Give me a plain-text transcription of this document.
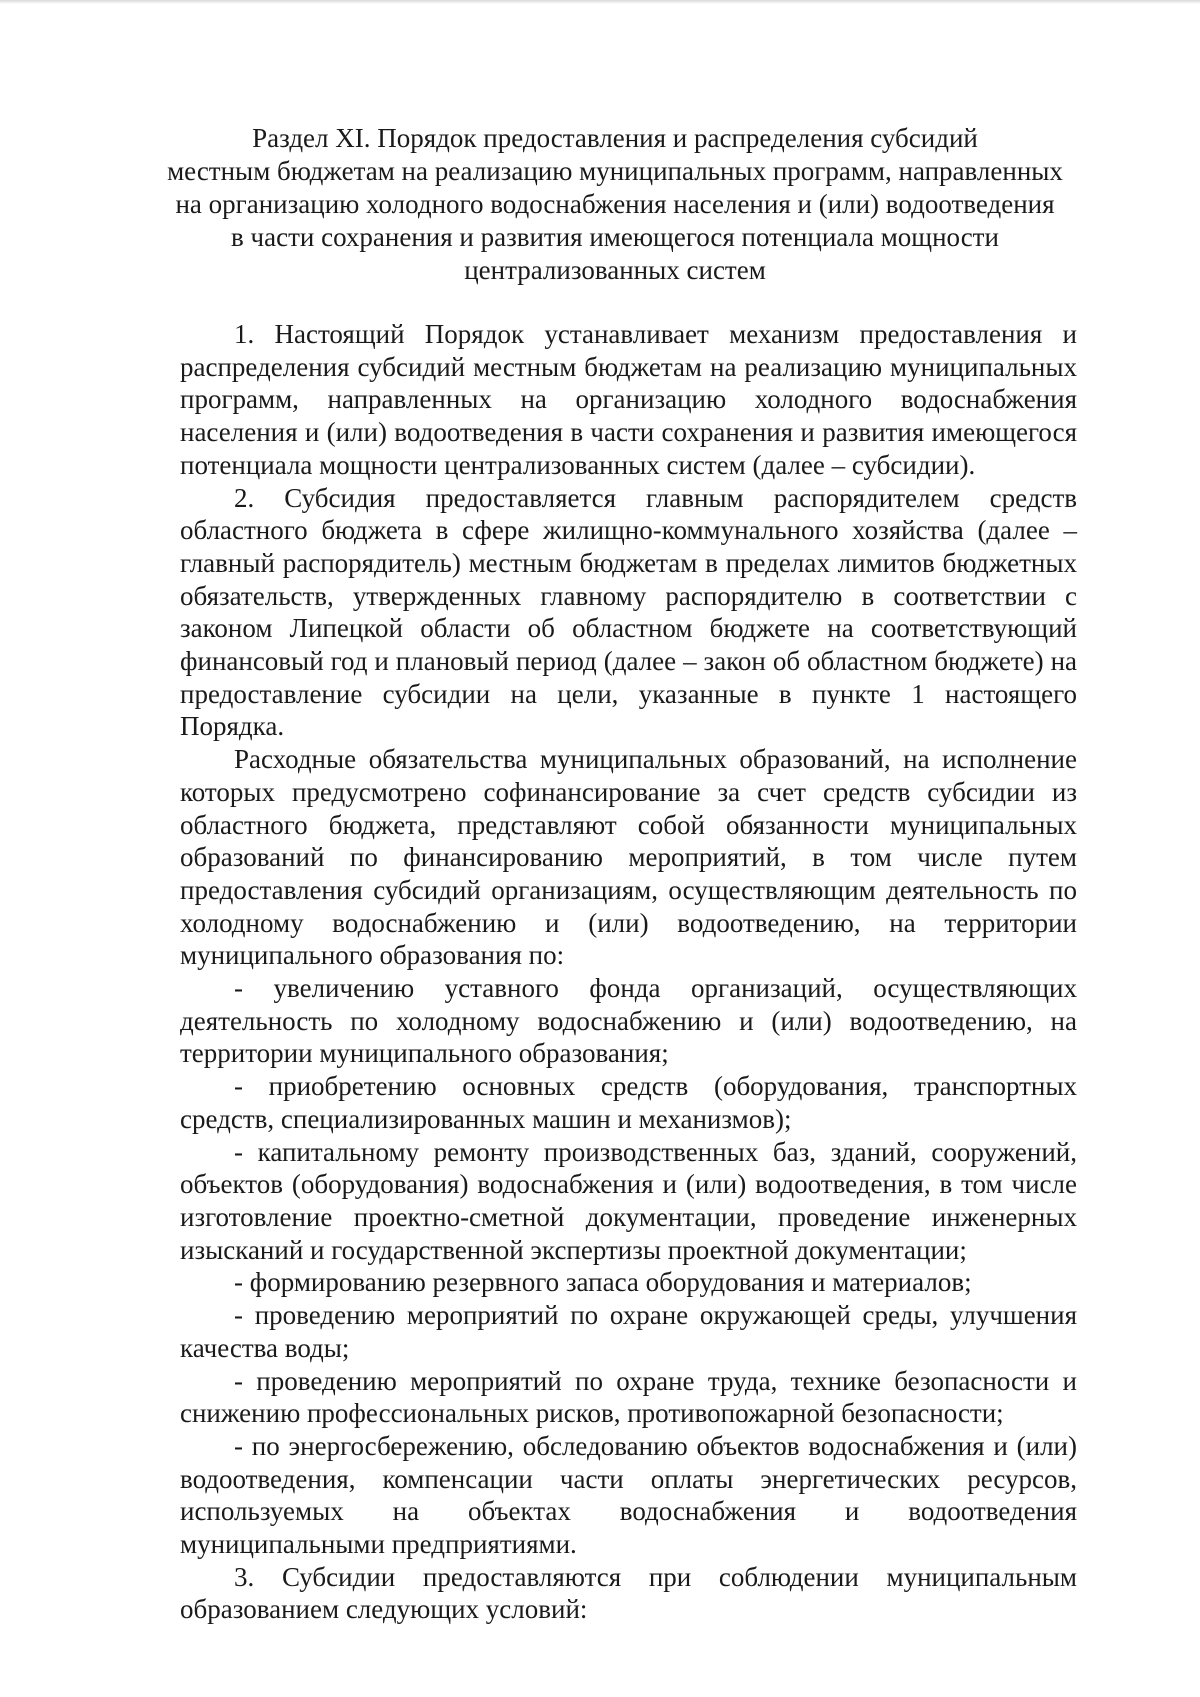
Раздел XI. Порядок предоставления и распределения субсидий
местным бюджетам на реализацию муниципальных программ, направленных
на организацию холодного водоснабжения населения и (или) водоотведения
в части сохранения и развития имеющегося потенциала мощности
централизованных систем

1. Настоящий Порядок устанавливает механизм предоставления и распределения субсидий местным бюджетам на реализацию муниципальных программ, направленных на организацию холодного водоснабжения населения и (или) водоотведения в части сохранения и развития имеющегося потенциала мощности централизованных систем (далее – субсидии).

2. Субсидия предоставляется главным распорядителем средств областного бюджета в сфере жилищно-коммунального хозяйства (далее – главный распорядитель) местным бюджетам в пределах лимитов бюджетных обязательств, утвержденных главному распорядителю в соответствии с законом Липецкой области об областном бюджете на соответствующий финансовый год и плановый период (далее – закон об областном бюджете) на предоставление субсидии на цели, указанные в пункте 1 настоящего Порядка.

Расходные обязательства муниципальных образований, на исполнение которых предусмотрено софинансирование за счет средств субсидии из областного бюджета, представляют собой обязанности муниципальных образований по финансированию мероприятий, в том числе путем предоставления субсидий организациям, осуществляющим деятельность по холодному водоснабжению и (или) водоотведению, на территории муниципального образования по:

- увеличению уставного фонда организаций, осуществляющих деятельность по холодному водоснабжению и (или) водоотведению, на территории муниципального образования;

- приобретению основных средств (оборудования, транспортных средств, специализированных машин и механизмов);

- капитальному ремонту производственных баз, зданий, сооружений, объектов (оборудования) водоснабжения и (или) водоотведения, в том числе изготовление проектно-сметной документации, проведение инженерных изысканий и государственной экспертизы проектной документации;

- формированию резервного запаса оборудования и материалов;

- проведению мероприятий по охране окружающей среды, улучшения качества воды;

- проведению мероприятий по охране труда, технике безопасности и снижению профессиональных рисков, противопожарной безопасности;

- по энергосбережению, обследованию объектов водоснабжения и (или) водоотведения, компенсации части оплаты энергетических ресурсов, используемых на объектах водоснабжения и водоотведения муниципальными предприятиями.

3. Субсидии предоставляются при соблюдении муниципальным образованием следующих условий:
